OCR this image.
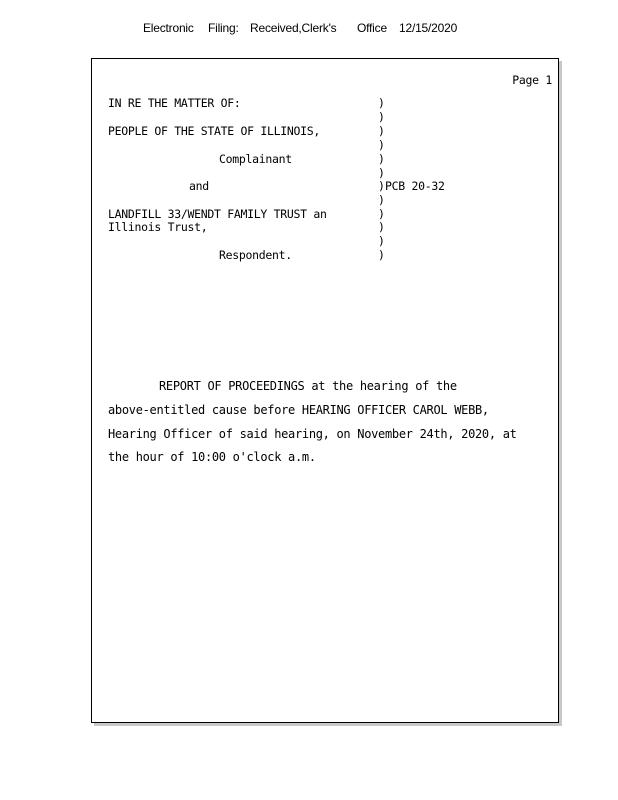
Electronic Filing: Received,Clerk's Office 12/15/2020
Page 1
IN RE THE MATTER OF:
PEOPLE OF THE STATE OF ILLINOIS,
Complainant
and
LANDFILL 33/WENDT FAMILY TRUST an
Illinois Trust,
Respondent.
)
)
)
)
)
)
)
)
)
)
)
)
PCB 20-32
REPORT OF PROCEEDINGS at the hearing of the
above-entitled cause before HEARING OFFICER CAROL WEBB,
Hearing Officer of said hearing, on November 24th, 2020, at
the hour of 10:00 o'clock a.m.
